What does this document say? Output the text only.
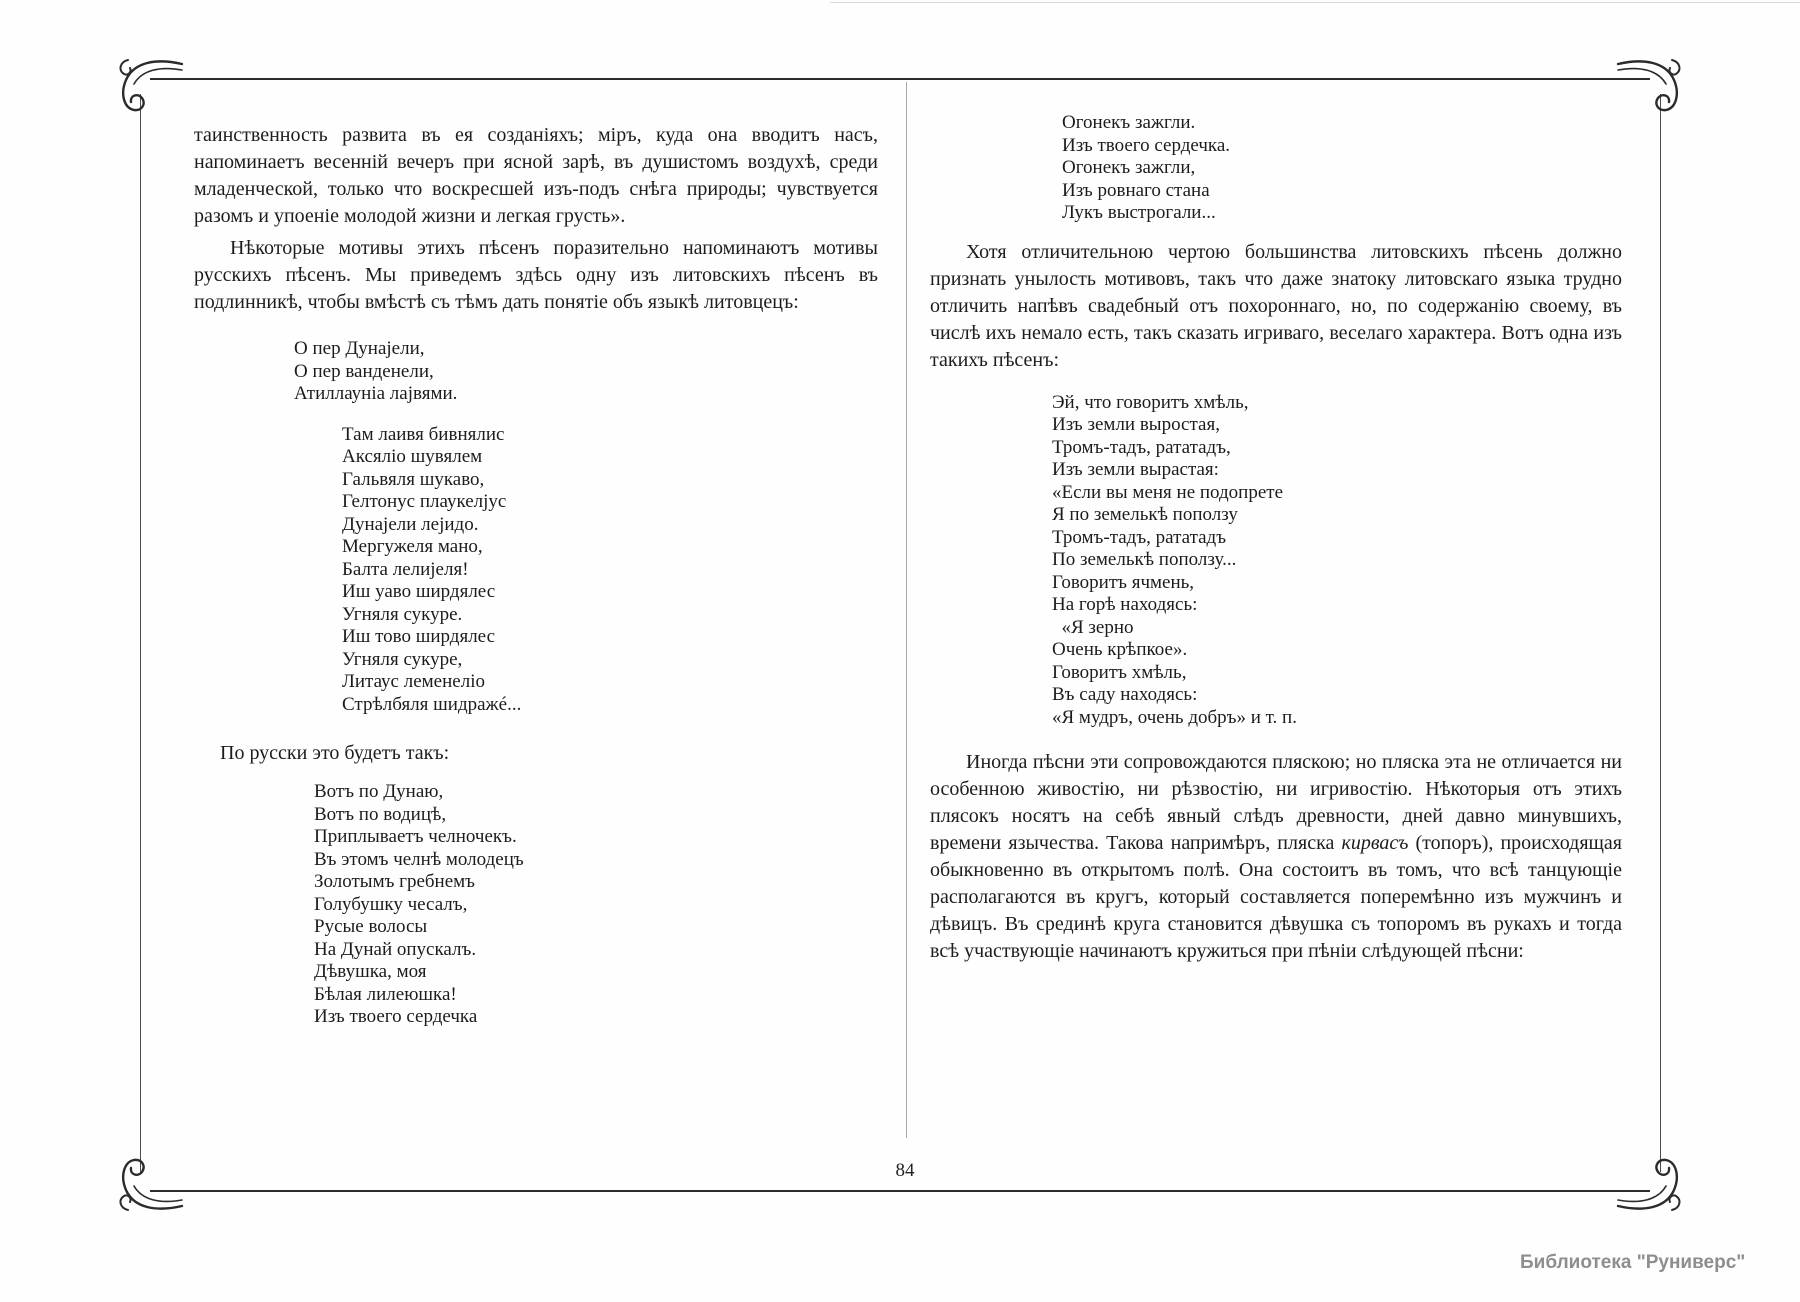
таинственность развита въ ея созданіяхъ; міръ, куда она вводитъ насъ, напоминаетъ весенній вечеръ при ясной зарѣ, въ душистомъ воздухѣ, среди младенческой, только что воскресшей изъ-подъ снѣга природы; чувствуется разомъ и упоеніе молодой жизни и легкая грусть».

Нѣкоторые мотивы этихъ пѣсенъ поразительно напоминаютъ мотивы русскихъ пѣсенъ. Мы приведемъ здѣсь одну изъ литовскихъ пѣсенъ въ подлинникѣ, чтобы вмѣстѣ съ тѣмъ дать понятіе объ языкѣ литовцецъ:

О пер Дунаjели,
О пер ванденели,
Атиллауніа лаjвями.
Там лаивя бивнялис
Аксяліо шувялем
Гальвяля шукаво,
Гелтонус плаукелjус
Дунаjели леjидо.
Мергужеля мано,
Балта лелиjеля!
Иш уаво ширдялес
Угняля сукуре.
Иш тово ширдялес
Угняля сукуре,
Литаус леменеліо
Стрѣлбяля шидражé...

По русски это будетъ такъ:

Вотъ по Дунаю,
Вотъ по водицѣ,
Приплываетъ челночекъ.
Въ этомъ челнѣ молодецъ
Золотымъ гребнемъ
Голубушку чесалъ,
Русые волосы
На Дунай опускалъ.
Дѣвушка, моя
Бѣлая лилеюшка!
Изъ твоего сердечка
Огонекъ зажгли.
Изъ твоего сердечка.
Огонекъ зажгли,
Изъ ровнаго стана
Лукъ выстрогали...

Хотя отличительною чертою большинства литовскихъ пѣсень должно признать унылость мотивовъ, такъ что даже знатоку литовскаго языка трудно отличить напѣвъ свадебный отъ похороннаго, но, по содержанію своему, въ числѣ ихъ немало есть, такъ сказать игриваго, веселаго характера. Вотъ одна изъ такихъ пѣсенъ:

Эй, что говоритъ хмѣль,
Изъ земли выростая,
Тромъ-тадъ, рататадъ,
Изъ земли вырастая:
«Если вы меня не подопрете
Я по земелькѣ поползу
Тромъ-тадъ, рататадъ
По земелькѣ поползу...
Говоритъ ячмень,
На горѣ находясь:
«Я зерно
Очень крѣпкое».
Говоритъ хмѣль,
Въ саду находясь:
«Я мудръ, очень добръ» и т. п.

Иногда пѣсни эти сопровождаются пляскою; но пляска эта не отличается ни особенною живостію, ни рѣзвостію, ни игривостію. Нѣкоторыя отъ этихъ плясокъ носятъ на себѣ явный слѣдъ древности, дней давно минувшихъ, времени язычества. Такова напримѣръ, пляска кирвасъ (топоръ), происходящая обыкновенно въ открытомъ полѣ. Она состоитъ въ томъ, что всѣ танцующіе располагаются въ кругъ, который составляется поперемѣнно изъ мужчинъ и дѣвицъ. Въ срединѣ круга становится дѣвушка съ топоромъ въ рукахъ и тогда всѣ участвующіе начинаютъ кружиться при пѣніи слѣдующей пѣсни:

84
Библиотека "Руниверс"
